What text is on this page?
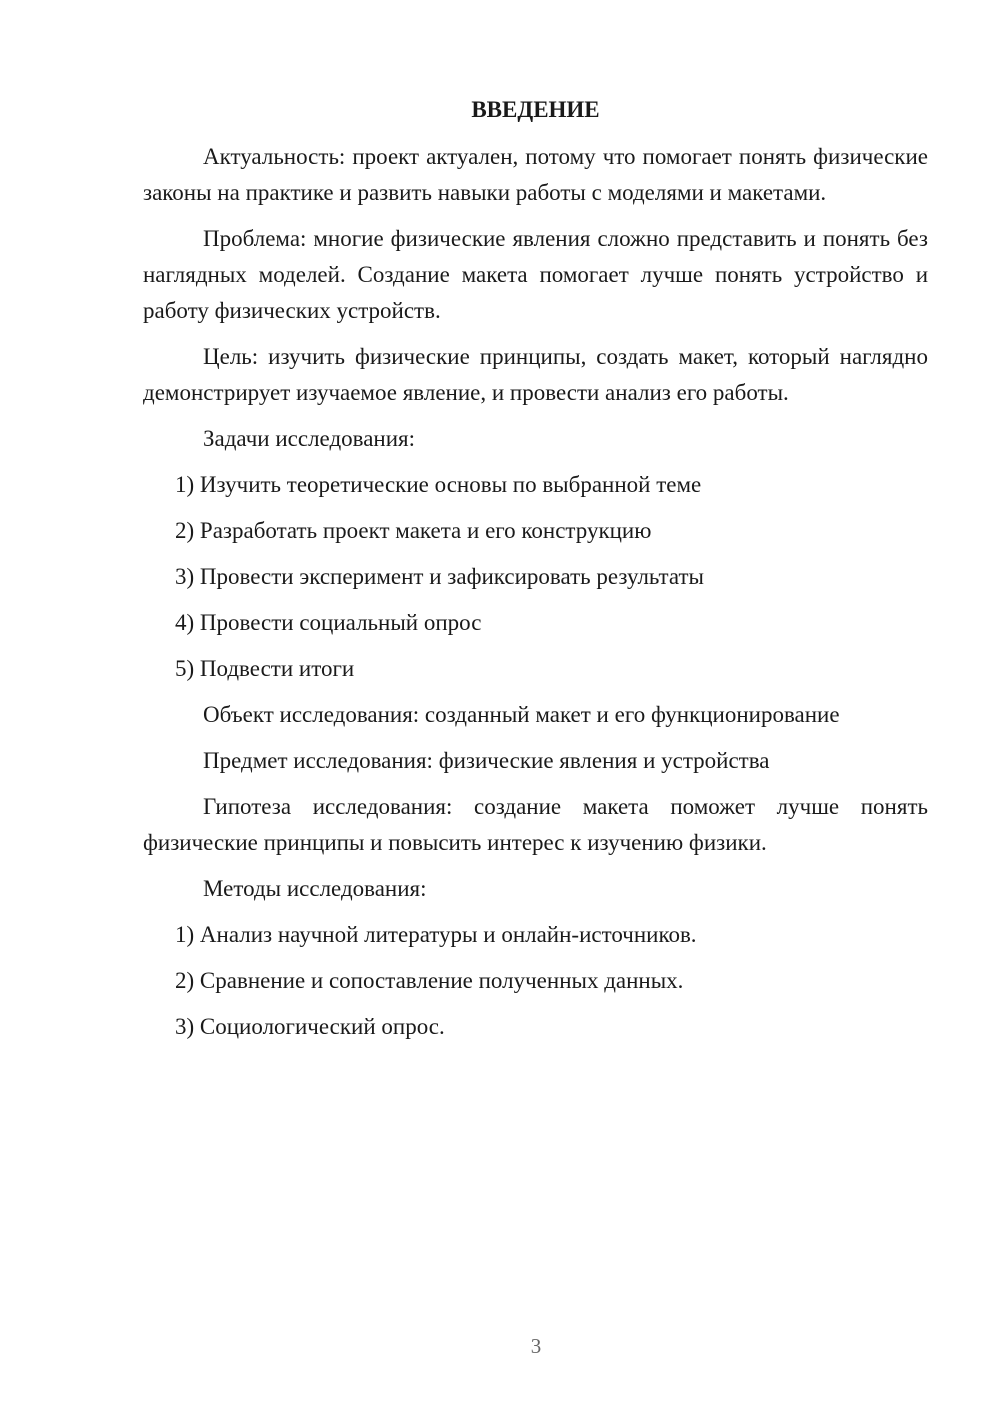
ВВЕДЕНИЕ
Актуальность: проект актуален, потому что помогает понять физические законы на практике и развить навыки работы с моделями и макетами.
Проблема: многие физические явления сложно представить и понять без наглядных моделей. Создание макета помогает лучше понять устройство и работу физических устройств.
Цель: изучить физические принципы, создать макет, который наглядно демонстрирует изучаемое явление, и провести анализ его работы.
Задачи исследования:
1) Изучить теоретические основы по выбранной теме
2) Разработать проект макета и его конструкцию
3) Провести эксперимент и зафиксировать результаты
4) Провести социальный опрос
5) Подвести итоги
Объект исследования: созданный макет и его функционирование
Предмет исследования: физические явления и устройства
Гипотеза исследования: создание макета поможет лучше понять физические принципы и повысить интерес к изучению физики.
Методы исследования:
1) Анализ научной литературы и онлайн-источников.
2) Сравнение и сопоставление полученных данных.
3) Социологический опрос.
3
